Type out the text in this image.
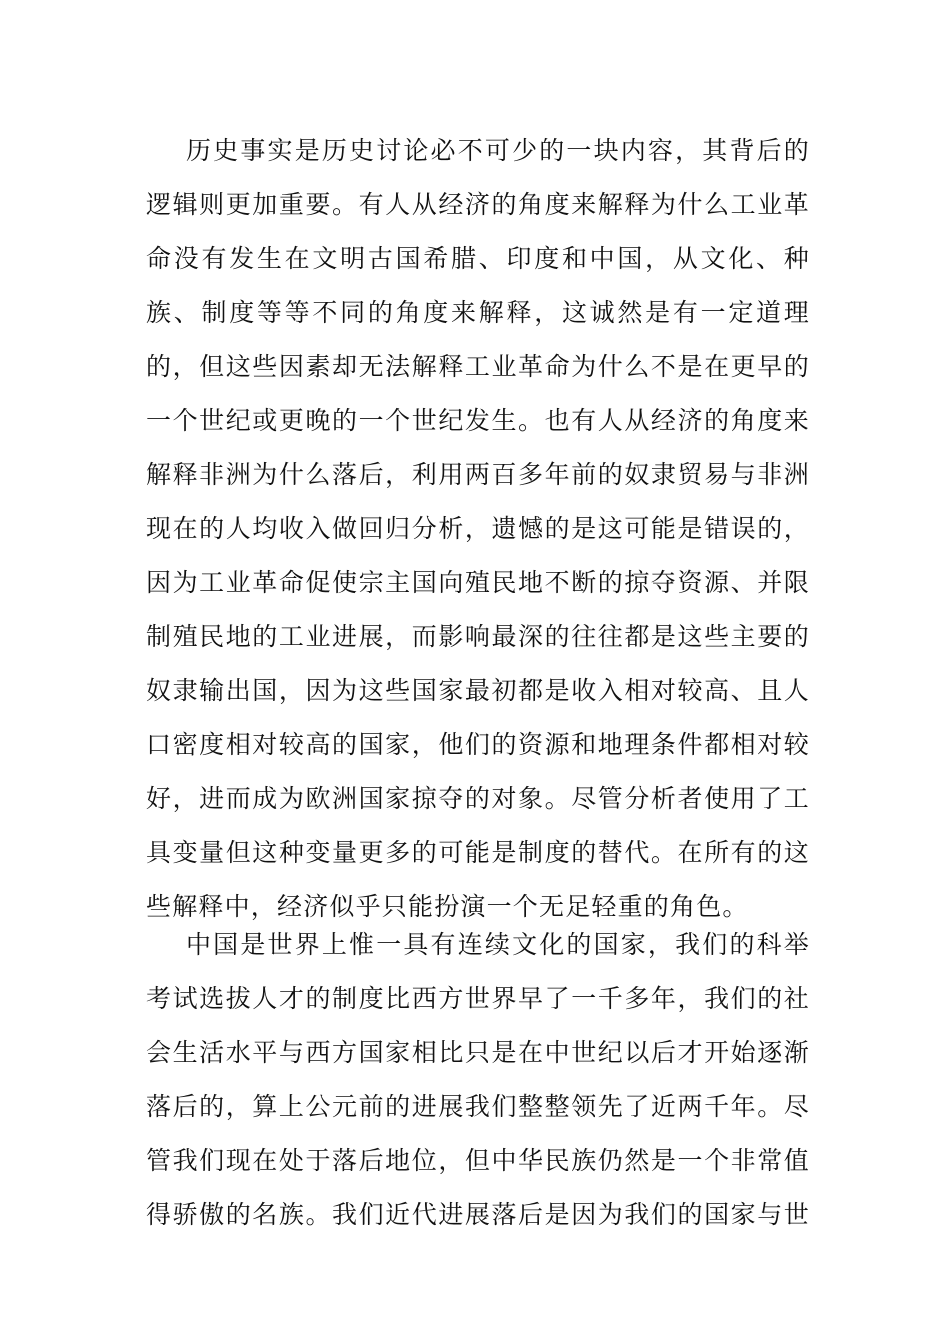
历史事实是历史讨论必不可少的一块内容，其背后的逻辑则更加重要。有人从经济的角度来解释为什么工业革命没有发生在文明古国希腊、印度和中国，从文化、种族、制度等等不同的角度来解释，这诚然是有一定道理的，但这些因素却无法解释工业革命为什么不是在更早的一个世纪或更晚的一个世纪发生。也有人从经济的角度来解释非洲为什么落后，利用两百多年前的奴隶贸易与非洲现在的人均收入做回归分析，遗憾的是这可能是错误的，因为工业革命促使宗主国向殖民地不断的掠夺资源、并限制殖民地的工业进展，而影响最深的往往都是这些主要的奴隶输出国，因为这些国家最初都是收入相对较高、且人口密度相对较高的国家，他们的资源和地理条件都相对较好，进而成为欧洲国家掠夺的对象。尽管分析者使用了工具变量但这种变量更多的可能是制度的替代。在所有的这些解释中，经济似乎只能扮演一个无足轻重的角色。

中国是世界上惟一具有连续文化的国家，我们的科举考试选拔人才的制度比西方世界早了一千多年，我们的社会生活水平与西方国家相比只是在中世纪以后才开始逐渐落后的，算上公元前的进展我们整整领先了近两千年。尽管我们现在处于落后地位，但中华民族仍然是一个非常值得骄傲的名族。我们近代进展落后是因为我们的国家与世
